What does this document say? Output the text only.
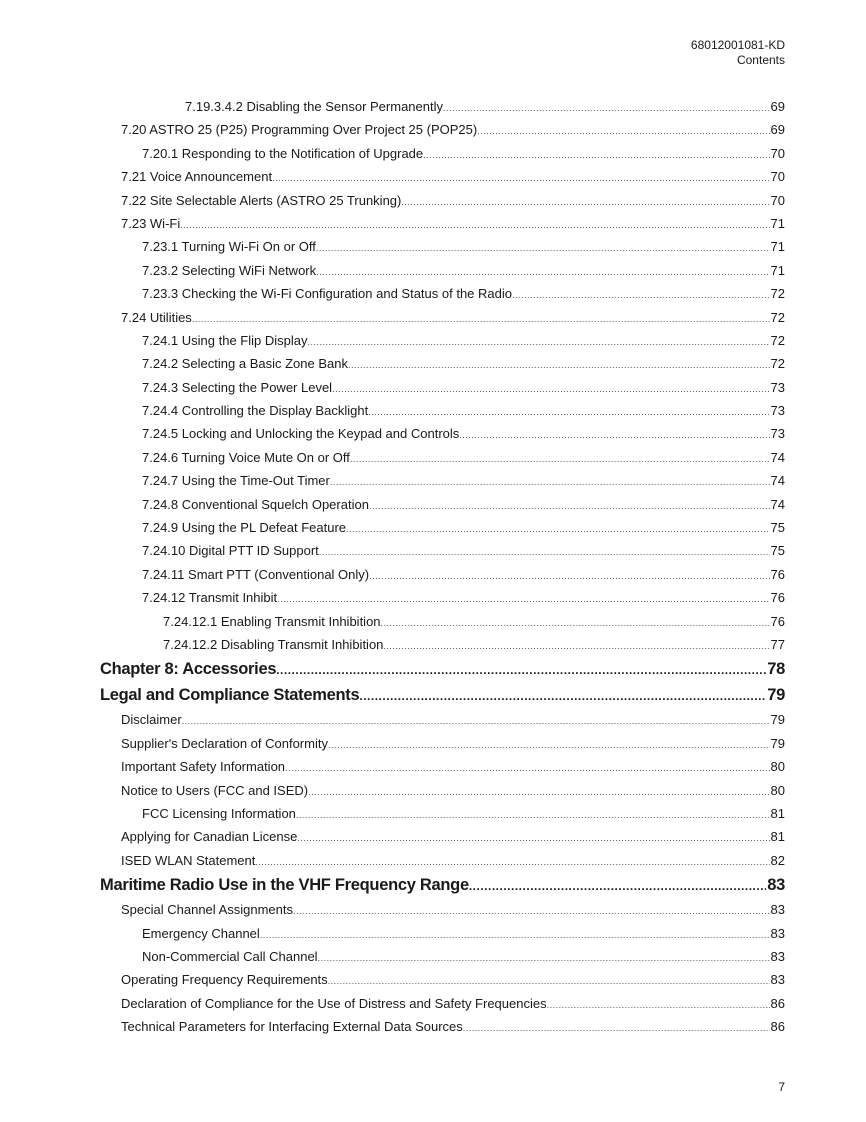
68012001081-KD
Contents
7.19.3.4.2 Disabling the Sensor Permanently .....	69
7.20 ASTRO 25 (P25) Programming Over Project 25 (POP25) .....	69
7.20.1 Responding to the Notification of Upgrade .....	70
7.21 Voice Announcement .....	70
7.22 Site Selectable Alerts (ASTRO 25 Trunking) .....	70
7.23 Wi-Fi .....	71
7.23.1 Turning Wi-Fi On or Off .....	71
7.23.2 Selecting WiFi Network .....	71
7.23.3 Checking the Wi-Fi Configuration and Status of the Radio .....	72
7.24 Utilities .....	72
7.24.1 Using the Flip Display .....	72
7.24.2 Selecting a Basic Zone Bank .....	72
7.24.3 Selecting the Power Level .....	73
7.24.4 Controlling the Display Backlight .....	73
7.24.5 Locking and Unlocking the Keypad and Controls .....	73
7.24.6 Turning Voice Mute On or Off .....	74
7.24.7 Using the Time-Out Timer .....	74
7.24.8 Conventional Squelch Operation .....	74
7.24.9 Using the PL Defeat Feature .....	75
7.24.10 Digital PTT ID Support .....	75
7.24.11 Smart PTT (Conventional Only) .....	76
7.24.12 Transmit Inhibit .....	76
7.24.12.1 Enabling Transmit Inhibition .....	76
7.24.12.2 Disabling Transmit Inhibition .....	77
Chapter 8: Accessories .....	78
Legal and Compliance Statements .....	79
Disclaimer .....	79
Supplier's Declaration of Conformity .....	79
Important Safety Information .....	80
Notice to Users (FCC and ISED) .....	80
FCC Licensing Information .....	81
Applying for Canadian License .....	81
ISED WLAN Statement .....	82
Maritime Radio Use in the VHF Frequency Range .....	83
Special Channel Assignments .....	83
Emergency Channel .....	83
Non-Commercial Call Channel .....	83
Operating Frequency Requirements .....	83
Declaration of Compliance for the Use of Distress and Safety Frequencies .....	86
Technical Parameters for Interfacing External Data Sources .....	86
7
